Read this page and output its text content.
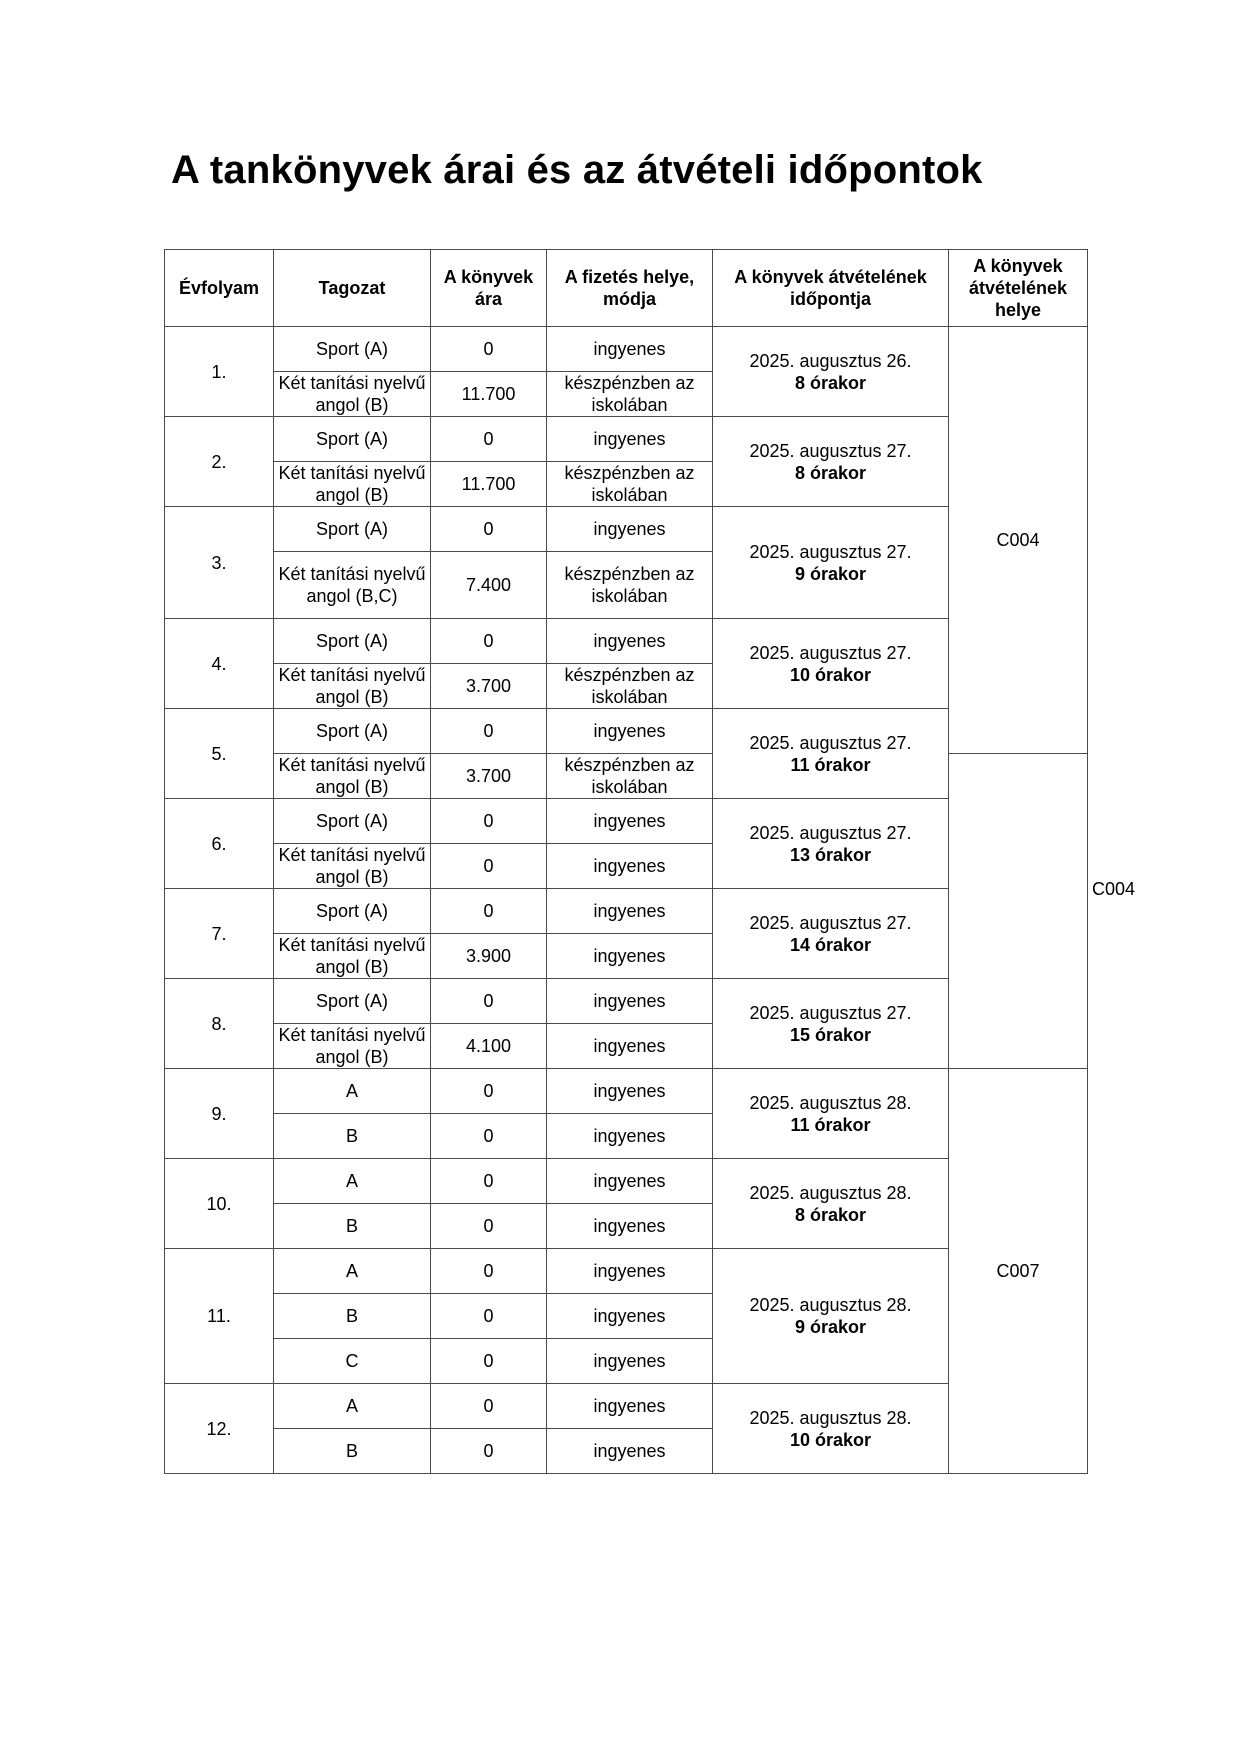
A tankönyvek árai és az átvételi időpontok
Évfolyam	Tagozat	A könyvek ára	A fizetés helye, módja	A könyvek átvételének időpontja	A könyvek átvételének helye	
1.	Sport (A)	0	ingyenes	2025. augusztus 26.
8 órakor	C004	
	Két tanítási nyelvű angol (B)	11.700	készpénzben az iskolában			
2.	Sport (A)	0	ingyenes	2025. augusztus 27.
8 órakor		

	Két tanítási nyelvű angol (B)	11.700	készpénzben az iskolában			
3.	Sport (A)	0	ingyenes	2025. augusztus 27.
9 órakor		

	Két tanítási nyelvű angol (B,C)	7.400	készpénzben az iskolában			
4.	Sport (A)	0	ingyenes	2025. augusztus 27.
10 órakor		

	Két tanítási nyelvű angol (B)	3.700	készpénzben az iskolában			
5.	Sport (A)	0	ingyenes	2025. augusztus 27.
11 órakor		C004
	Két tanítási nyelvű angol (B)	3.700	készpénzben az iskolában			
6.	Sport (A)	0	ingyenes	2025. augusztus 27.
13 órakor		

	Két tanítási nyelvű angol (B)	0	ingyenes			
7.	Sport (A)	0	ingyenes	2025. augusztus 27.
14 órakor		

	Két tanítási nyelvű angol (B)	3.900	ingyenes			
8.	Sport (A)	0	ingyenes	2025. augusztus 27.
15 órakor		

	Két tanítási nyelvű angol (B)	4.100	ingyenes			
9.	A	0	ingyenes	2025. augusztus 28.
11 órakor	C007	
	B	0	ingyenes			
10.	A	0	ingyenes	2025. augusztus 28.
8 órakor		

	B	0	ingyenes			
11.	A	0	ingyenes	2025. augusztus 28.
9 órakor		

	B	0	ingyenes			
	C	0	ingyenes			
12.	A	0	ingyenes	2025. augusztus 28.
10 órakor		

	B	0	ingyenes			
